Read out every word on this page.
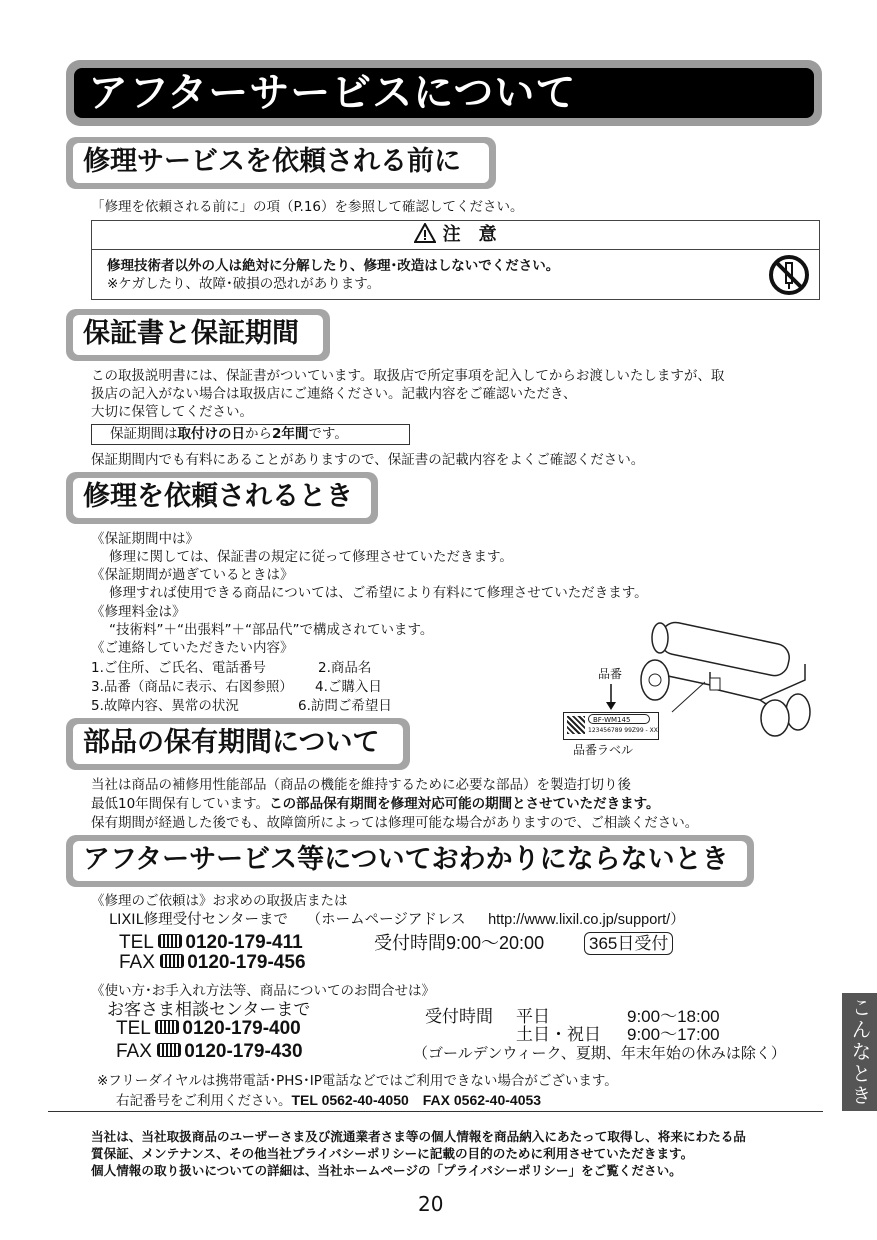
アフターサービスについて
修理サービスを依頼される前に
「修理を依頼される前に」の項（P.16）を参照して確認してください。
注　意
修理技術者以外の人は絶対に分解したり、修理･改造はしないでください。
※ケガしたり、故障･破損の恐れがあります。
保証書と保証期間
この取扱説明書には、保証書がついています。取扱店で所定事項を記入してからお渡しいたしますが、取
扱店の記入がない場合は取扱店にご連絡ください。記載内容をご確認いただき、
大切に保管してください。
保証期間は取付けの日から2年間です。
保証期間内でも有料にあることがありますので、保証書の記載内容をよくご確認ください。
修理を依頼されるとき
《保証期間中は》
修理に関しては、保証書の規定に従って修理させていただきます。
《保証期間が過ぎているときは》
修理すれば使用できる商品については、ご希望により有料にて修理させていただきます。
《修理料金は》
“技術料”＋“出張料”＋“部品代”で構成されています。
《ご連絡していただきたい内容》
1.ご住所、ご氏名、電話番号	2.商品名
3.品番（商品に表示、右図参照） 4.ご購入日
5.故障内容、異常の状況	6.訪問ご希望日
品番
BF-WM145
123456789 99Z99 - XX
品番ラベル
部品の保有期間について
当社は商品の補修用性能部品（商品の機能を維持するために必要な部品）を製造打切り後
最低10年間保有しています。この部品保有期間を修理対応可能の期間とさせていただきます。
保有期間が経過した後でも、故障箇所によっては修理可能な場合がありますので、ご相談ください。
アフターサービス等についておわかりにならないとき
《修理のご依頼は》お求めの取扱店または
LIXIL修理受付センターまで （ホームページアドレス http://www.lixil.co.jp/support/）
TEL 0120-179-411	受付時間9:00～20:00	365日受付
FAX 0120-179-456
《使い方･お手入れ方法等、商品についてのお問合せは》
お客さま相談センターまで
TEL 0120-179-400
FAX 0120-179-430
受付時間 平日	9:00～18:00
土日・祝日 9:00～17:00
（ゴールデンウィーク、夏期、年末年始の休みは除く）
※フリーダイヤルは携帯電話･PHS･IP電話などではご利用できない場合がございます。
右記番号をご利用ください。TEL 0562-40-4050　FAX 0562-40-4053
当社は、当社取扱商品のユーザーさま及び流通業者さま等の個人情報を商品納入にあたって取得し、将来にわたる品
質保証、メンテナンス、その他当社プライバシーポリシーに記載の目的のために利用させていただきます。
個人情報の取り扱いについての詳細は、当社ホームページの「プライバシーポリシー」をご覧ください。
20
こんなときは
